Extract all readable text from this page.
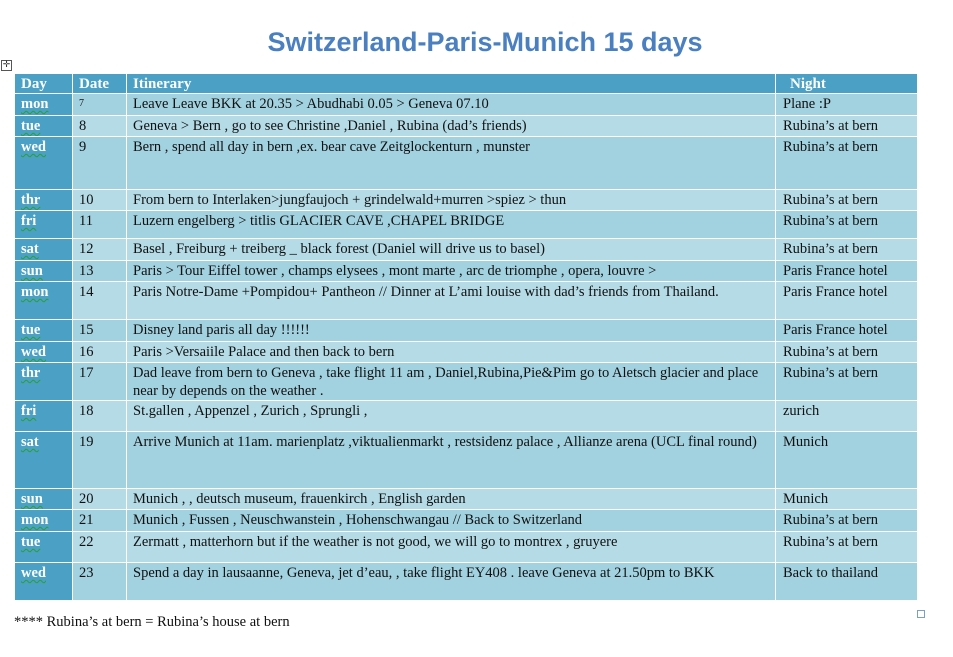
Switzerland-Paris-Munich 15 days
✛
Day	Date	Itinerary	Night
mon	7	Leave Leave BKK at 20.35 > Abudhabi 0.05 > Geneva 07.10	Plane :P
tue	8	Geneva > Bern , go to see Christine ,Daniel , Rubina (dad’s friends)	Rubina’s at bern
wed	9	Bern , spend all day in bern ,ex. bear cave Zeitglockenturn , munster	Rubina’s at bern
thr	10	From bern to Interlaken>jungfaujoch + grindelwald+murren >spiez > thun	Rubina’s at bern
fri	11	Luzern engelberg > titlis GLACIER CAVE ,CHAPEL BRIDGE	Rubina’s at bern
sat	12	Basel , Freiburg + treiberg _ black forest (Daniel will drive us to basel)	Rubina’s at bern
sun	13	Paris > Tour Eiffel tower , champs elysees , mont marte , arc de triomphe , opera, louvre >	Paris France hotel
mon	14	Paris Notre-Dame +Pompidou+ Pantheon // Dinner at L’ami louise with dad’s friends from Thailand.	Paris France hotel
tue	15	Disney land paris all day !!!!!!	Paris France hotel
wed	16	Paris >Versaiile Palace and then back to bern	Rubina’s at bern
thr	17	Dad leave from bern to Geneva , take flight 11 am , Daniel,Rubina,Pie&Pim go to Aletsch glacier and place near by depends on the weather .	Rubina’s at bern
fri	18	St.gallen , Appenzel , Zurich , Sprungli ,	zurich
sat	19	Arrive Munich at 11am. marienplatz ,viktualienmarkt , restsidenz palace , Allianze arena (UCL final round)	Munich
sun	20	Munich , , deutsch museum, frauenkirch , English garden	Munich
mon	21	Munich , Fussen , Neuschwanstein , Hohenschwangau // Back to Switzerland	Rubina’s at bern
tue	22	Zermatt , matterhorn but if the weather is not good, we will go to montrex , gruyere	Rubina’s at bern
wed	23	Spend a day in lausaanne, Geneva, jet d’eau, , take flight EY408 . leave Geneva at 21.50pm to BKK	Back to thailand
**** Rubina’s at bern = Rubina’s house at bern
